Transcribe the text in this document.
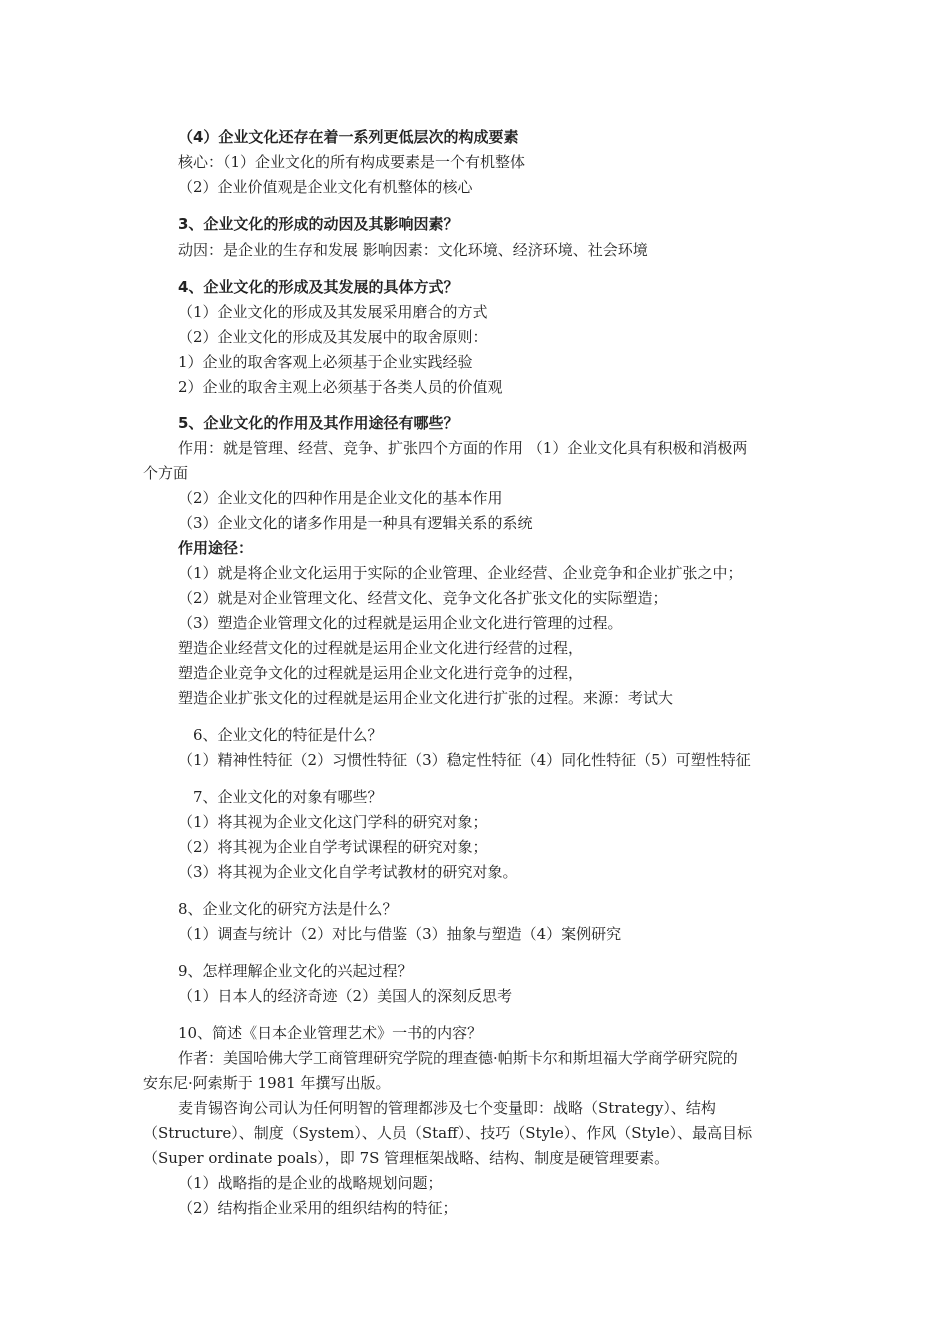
（4）企业文化还存在着一系列更低层次的构成要素
核心：（1）企业文化的所有构成要素是一个有机整体
（2）企业价值观是企业文化有机整体的核心
3、企业文化的形成的动因及其影响因素？
动因：是企业的生存和发展 影响因素：文化环境、经济环境、社会环境
4、企业文化的形成及其发展的具体方式？
（1）企业文化的形成及其发展采用磨合的方式
（2）企业文化的形成及其发展中的取舍原则：
1）企业的取舍客观上必须基于企业实践经验
2）企业的取舍主观上必须基于各类人员的价值观
5、企业文化的作用及其作用途径有哪些？
作用：就是管理、经营、竞争、扩张四个方面的作用 （1）企业文化具有积极和消极两
个方面
（2）企业文化的四种作用是企业文化的基本作用
（3）企业文化的诸多作用是一种具有逻辑关系的系统
作用途径：
（1）就是将企业文化运用于实际的企业管理、企业经营、企业竞争和企业扩张之中；
（2）就是对企业管理文化、经营文化、竞争文化各扩张文化的实际塑造；
（3）塑造企业管理文化的过程就是运用企业文化进行管理的过程。
塑造企业经营文化的过程就是运用企业文化进行经营的过程，
塑造企业竞争文化的过程就是运用企业文化进行竞争的过程，
塑造企业扩张文化的过程就是运用企业文化进行扩张的过程。来源：考试大
6、企业文化的特征是什么？
（1）精神性特征（2）习惯性特征（3）稳定性特征（4）同化性特征（5）可塑性特征
7、企业文化的对象有哪些？
（1）将其视为企业文化这门学科的研究对象；
（2）将其视为企业自学考试课程的研究对象；
（3）将其视为企业文化自学考试教材的研究对象。
8、企业文化的研究方法是什么？
（1）调查与统计（2）对比与借鉴（3）抽象与塑造（4）案例研究
9、怎样理解企业文化的兴起过程？
（1）日本人的经济奇迹（2）美国人的深刻反思考
10、简述《日本企业管理艺术》一书的内容？
作者：美国哈佛大学工商管理研究学院的理查德·帕斯卡尔和斯坦福大学商学研究院的
安东尼·阿索斯于 1981 年撰写出版。
麦肯锡咨询公司认为任何明智的管理都涉及七个变量即：战略（Strategy）、结构
（Structure）、制度（System）、人员（Staff）、技巧（Style）、作风（Style）、最高目标
（Super ordinate poals），即 7S 管理框架战略、结构、制度是硬管理要素。
（1）战略指的是企业的战略规划问题；
（2）结构指企业采用的组织结构的特征；
